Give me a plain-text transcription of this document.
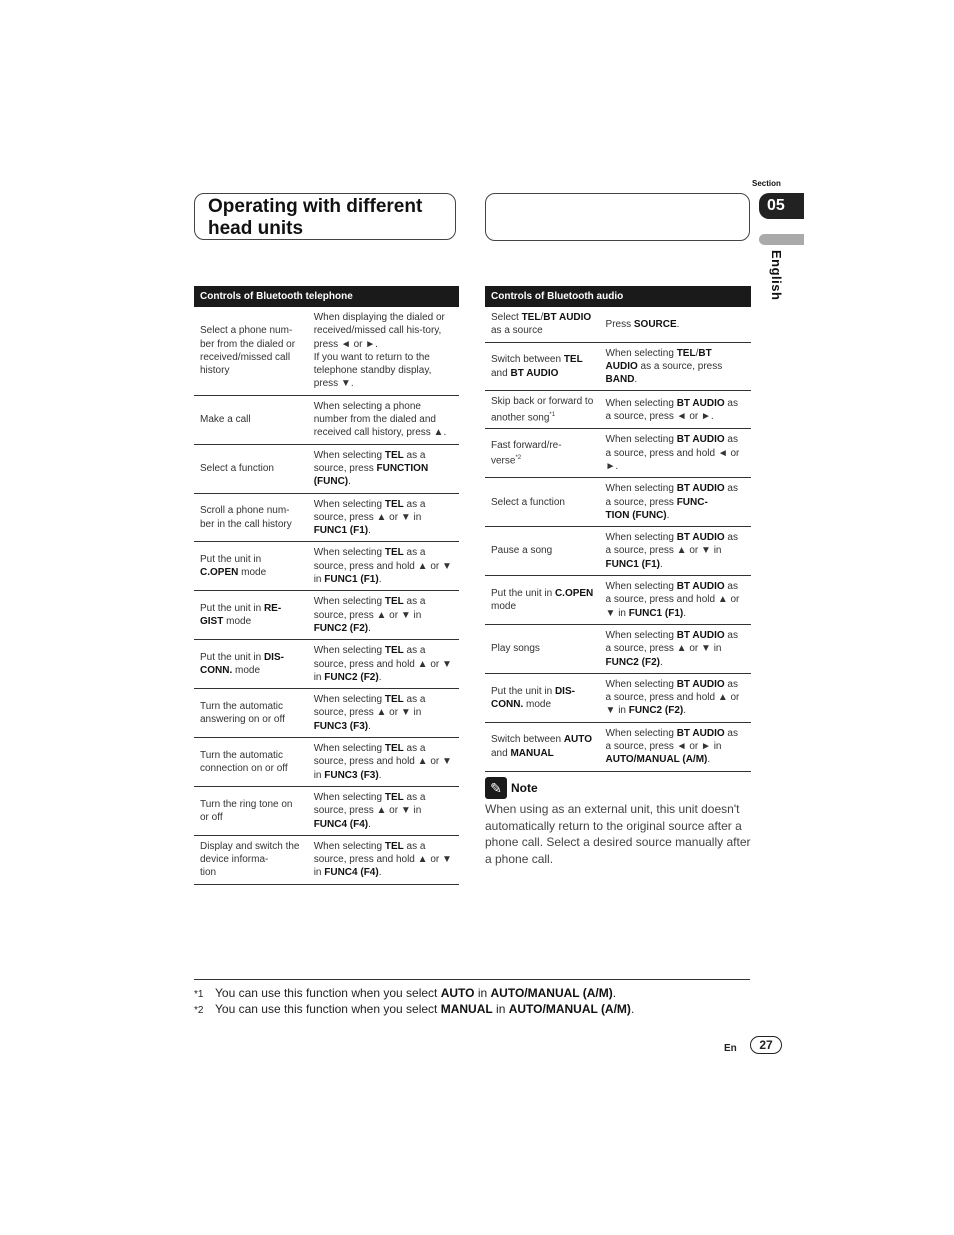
Operating with different head units
Section
05
English
Controls of Bluetooth telephone	
Select a phone num-
ber from the dialed or
received/missed call
history	When displaying the dialed or received/missed call his-tory, press ◄ or ►.
If you want to return to the telephone standby display, press ▼.
Make a call	When selecting a phone number from the dialed and received call history, press ▲.
Select a function	When selecting TEL as a source, press FUNCTION (FUNC).
Scroll a phone num-
ber in the call history	When selecting TEL as a source, press ▲ or ▼ in FUNC1 (F1).
Put the unit in C.OPEN mode	When selecting TEL as a source, press and hold ▲ or ▼ in FUNC1 (F1).
Put the unit in RE-
GIST mode	When selecting TEL as a source, press ▲ or ▼ in FUNC2 (F2).
Put the unit in DIS-
CONN. mode	When selecting TEL as a source, press and hold ▲ or ▼ in FUNC2 (F2).
Turn the automatic answering on or off	When selecting TEL as a source, press ▲ or ▼ in FUNC3 (F3).
Turn the automatic connection on or off	When selecting TEL as a source, press and hold ▲ or ▼ in FUNC3 (F3).
Turn the ring tone on or off	When selecting TEL as a source, press ▲ or ▼ in FUNC4 (F4).
Display and switch the device informa-
tion	When selecting TEL as a source, press and hold ▲ or ▼ in FUNC4 (F4).
Controls of Bluetooth audio	
Select TEL/BT AUDIO as a source	Press SOURCE.
Switch between TEL and BT AUDIO	When selecting TEL/BT AUDIO as a source, press BAND.
Skip back or forward to another song$^{*1}$	When selecting BT AUDIO as a source, press ◄ or ►.
Fast forward/re-
verse$^{*2}$	When selecting BT AUDIO as a source, press and hold ◄ or ►.
Select a function	When selecting BT AUDIO as a source, press FUNC-
TION (FUNC).
Pause a song	When selecting BT AUDIO as a source, press ▲ or ▼ in FUNC1 (F1).
Put the unit in C.OPEN mode	When selecting BT AUDIO as a source, press and hold ▲ or ▼ in FUNC1 (F1).
Play songs	When selecting BT AUDIO as a source, press ▲ or ▼ in FUNC2 (F2).
Put the unit in DIS-
CONN. mode	When selecting BT AUDIO as a source, press and hold ▲ or ▼ in FUNC2 (F2).
Switch between AUTO and MANUAL	When selecting BT AUDIO as a source, press ◄ or ► in AUTO/MANUAL (A/M).
✎ Note
When using as an external unit, this unit doesn't automatically return to the original source after a phone call. Select a desired source manually after a phone call.
*1 You can use this function when you select AUTO in AUTO/MANUAL (A/M).
*2 You can use this function when you select MANUAL in AUTO/MANUAL (A/M).
En	27
